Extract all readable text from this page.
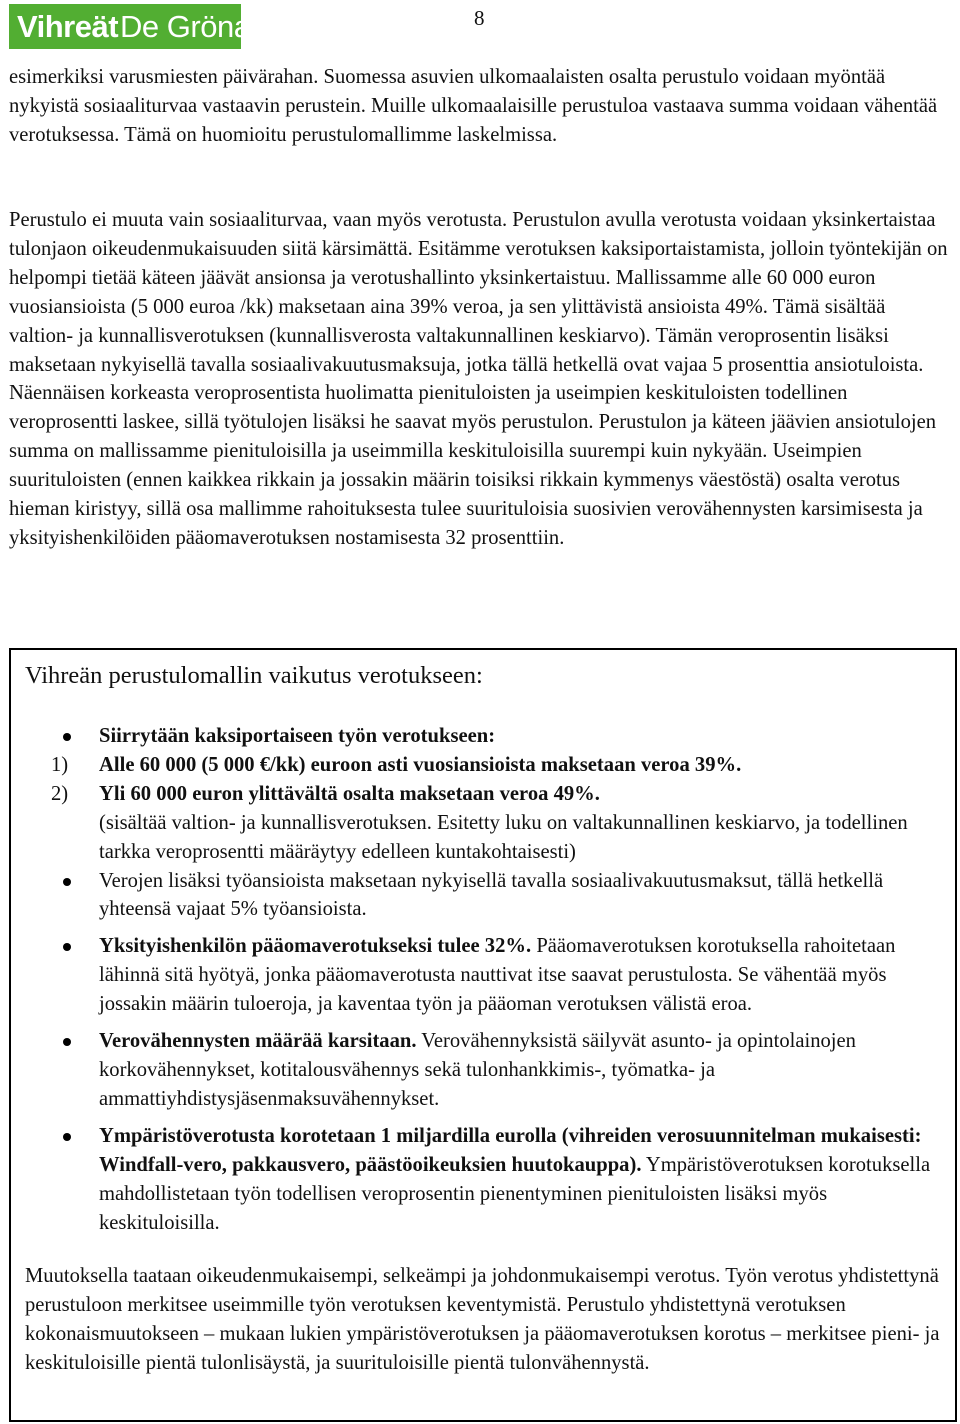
Vihreät De Gröna	8
esimerkiksi varusmiesten päivärahan. Suomessa asuvien ulkomaalaisten osalta perustulo voidaan myöntää nykyistä sosiaaliturvaa vastaavin perustein. Muille ulkomaalaisille perustuloa vastaava summa voidaan vähentää verotuksessa. Tämä on huomioitu perustulomallimme laskelmissa.
Perustulo ei muuta vain sosiaaliturvaa, vaan myös verotusta. Perustulon avulla verotusta voidaan yksinkertaistaa tulonjaon oikeudenmukaisuuden siitä kärsimättä. Esitämme verotuksen kaksiportaistamista, jolloin työntekijän on helpompi tietää käteen jäävät ansionsa ja verotushallinto yksinkertaistuu. Mallissamme alle 60 000 euron vuosiansioista (5 000 euroa /kk) maksetaan aina 39% veroa, ja sen ylittävistä ansioista 49%. Tämä sisältää valtion- ja kunnallisverotuksen (kunnallisverosta valtakunnallinen keskiarvo). Tämän veroprosentin lisäksi maksetaan nykyisellä tavalla sosiaalivakuutusmaksuja, jotka tällä hetkellä ovat vajaa 5 prosenttia ansiotuloista. Näennäisen korkeasta veroprosentista huolimatta pienituloisten ja useimpien keskituloisten todellinen veroprosentti laskee, sillä työtulojen lisäksi he saavat myös perustulon. Perustulon ja käteen jäävien ansiotulojen summa on mallissamme pienituloisilla ja useimmilla keskituloisilla suurempi kuin nykyään. Useimpien suurituloisten (ennen kaikkea rikkain ja jossakin määrin toisiksi rikkain kymmenys väestöstä) osalta verotus hieman kiristyy, sillä osa mallimme rahoituksesta tulee suurituloisia suosivien verovähennysten karsimisesta ja yksityishenkilöiden pääomaverotuksen nostamisesta 32 prosenttiin.
Vihreän perustulomallin vaikutus verotukseen:
Siirrytään kaksiportaiseen työn verotukseen:
1) Alle 60 000 (5 000 €/kk) euroon asti vuosiansioista maksetaan veroa 39%.
2) Yli 60 000 euron ylittävältä osalta maksetaan veroa 49%.
(sisältää valtion- ja kunnallisverotuksen. Esitetty luku on valtakunnallinen keskiarvo, ja todellinen tarkka veroprosentti määräytyy edelleen kuntakohtaisesti)
Verojen lisäksi työansioista maksetaan nykyisellä tavalla sosiaalivakuutusmaksut, tällä hetkellä yhteensä vajaat 5% työansioista.
Yksityishenkilön pääomaverotukseksi tulee 32%. Pääomaverotuksen korotuksella rahoitetaan lähinnä sitä hyötyä, jonka pääomaverotusta nauttivat itse saavat perustulosta. Se vähentää myös jossakin määrin tuloeroja, ja kaventaa työn ja pääoman verotuksen välistä eroa.
Verovähennysten määrää karsitaan. Verovähennyksistä säilyvät asunto- ja opintolainojen korkovähennykset, kotitalousvähennys sekä tulonhankkimis-, työmatka- ja ammattiyhdistysjäsenmaksuvähennykset.
Ympäristöverotusta korotetaan 1 miljardilla eurolla (vihreiden verosuunnitelman mukaisesti: Windfall-vero, pakkausvero, päästöoikeuksien huutokauppa). Ympäristöverotuksen korotuksella mahdollistetaan työn todellisen veroprosentin pienentyminen pienituloisten lisäksi myös keskituloisilla.
Muutoksella taataan oikeudenmukaisempi, selkeämpi ja johdonmukaisempi verotus. Työn verotus yhdistettynä perustuloon merkitsee useimmille työn verotuksen keventymistä. Perustulo yhdistettynä verotuksen kokonaismuutokseen – mukaan lukien ympäristöverotuksen ja pääomaverotuksen korotus – merkitsee pieni- ja keskituloisille pientä tulonlisäystä, ja suurituloisille pientä tulonvähennystä.
